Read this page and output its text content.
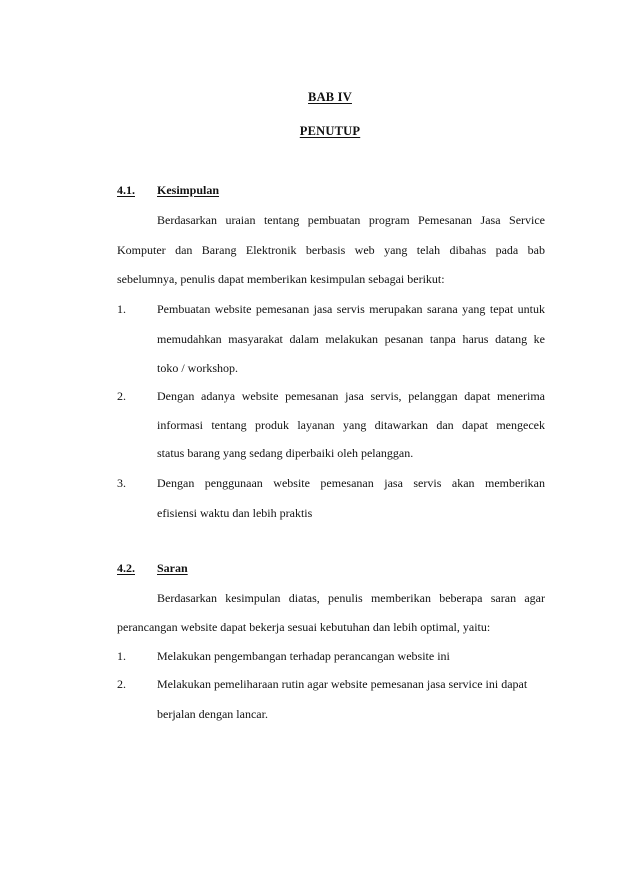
BAB IV
PENUTUP
4.1. Kesimpulan
Berdasarkan uraian tentang pembuatan program Pemesanan Jasa Service
Komputer dan Barang Elektronik berbasis web yang telah dibahas pada bab
sebelumnya, penulis dapat memberikan kesimpulan sebagai berikut:
1.	Pembuatan website pemesanan jasa servis merupakan sarana yang tepat untuk
memudahkan masyarakat dalam melakukan pesanan tanpa harus datang ke
toko / workshop.
2.	Dengan adanya website pemesanan jasa servis, pelanggan dapat menerima
informasi tentang produk layanan yang ditawarkan dan dapat mengecek
status barang yang sedang diperbaiki oleh pelanggan.
3.	Dengan penggunaan website pemesanan jasa servis akan memberikan
efisiensi waktu dan lebih praktis
4.2. Saran
Berdasarkan kesimpulan diatas, penulis memberikan beberapa saran agar
perancangan website dapat bekerja sesuai kebutuhan dan lebih optimal, yaitu:
1.	Melakukan pengembangan terhadap perancangan website ini
2.	Melakukan pemeliharaan rutin agar website pemesanan jasa service ini dapat
berjalan dengan lancar.
